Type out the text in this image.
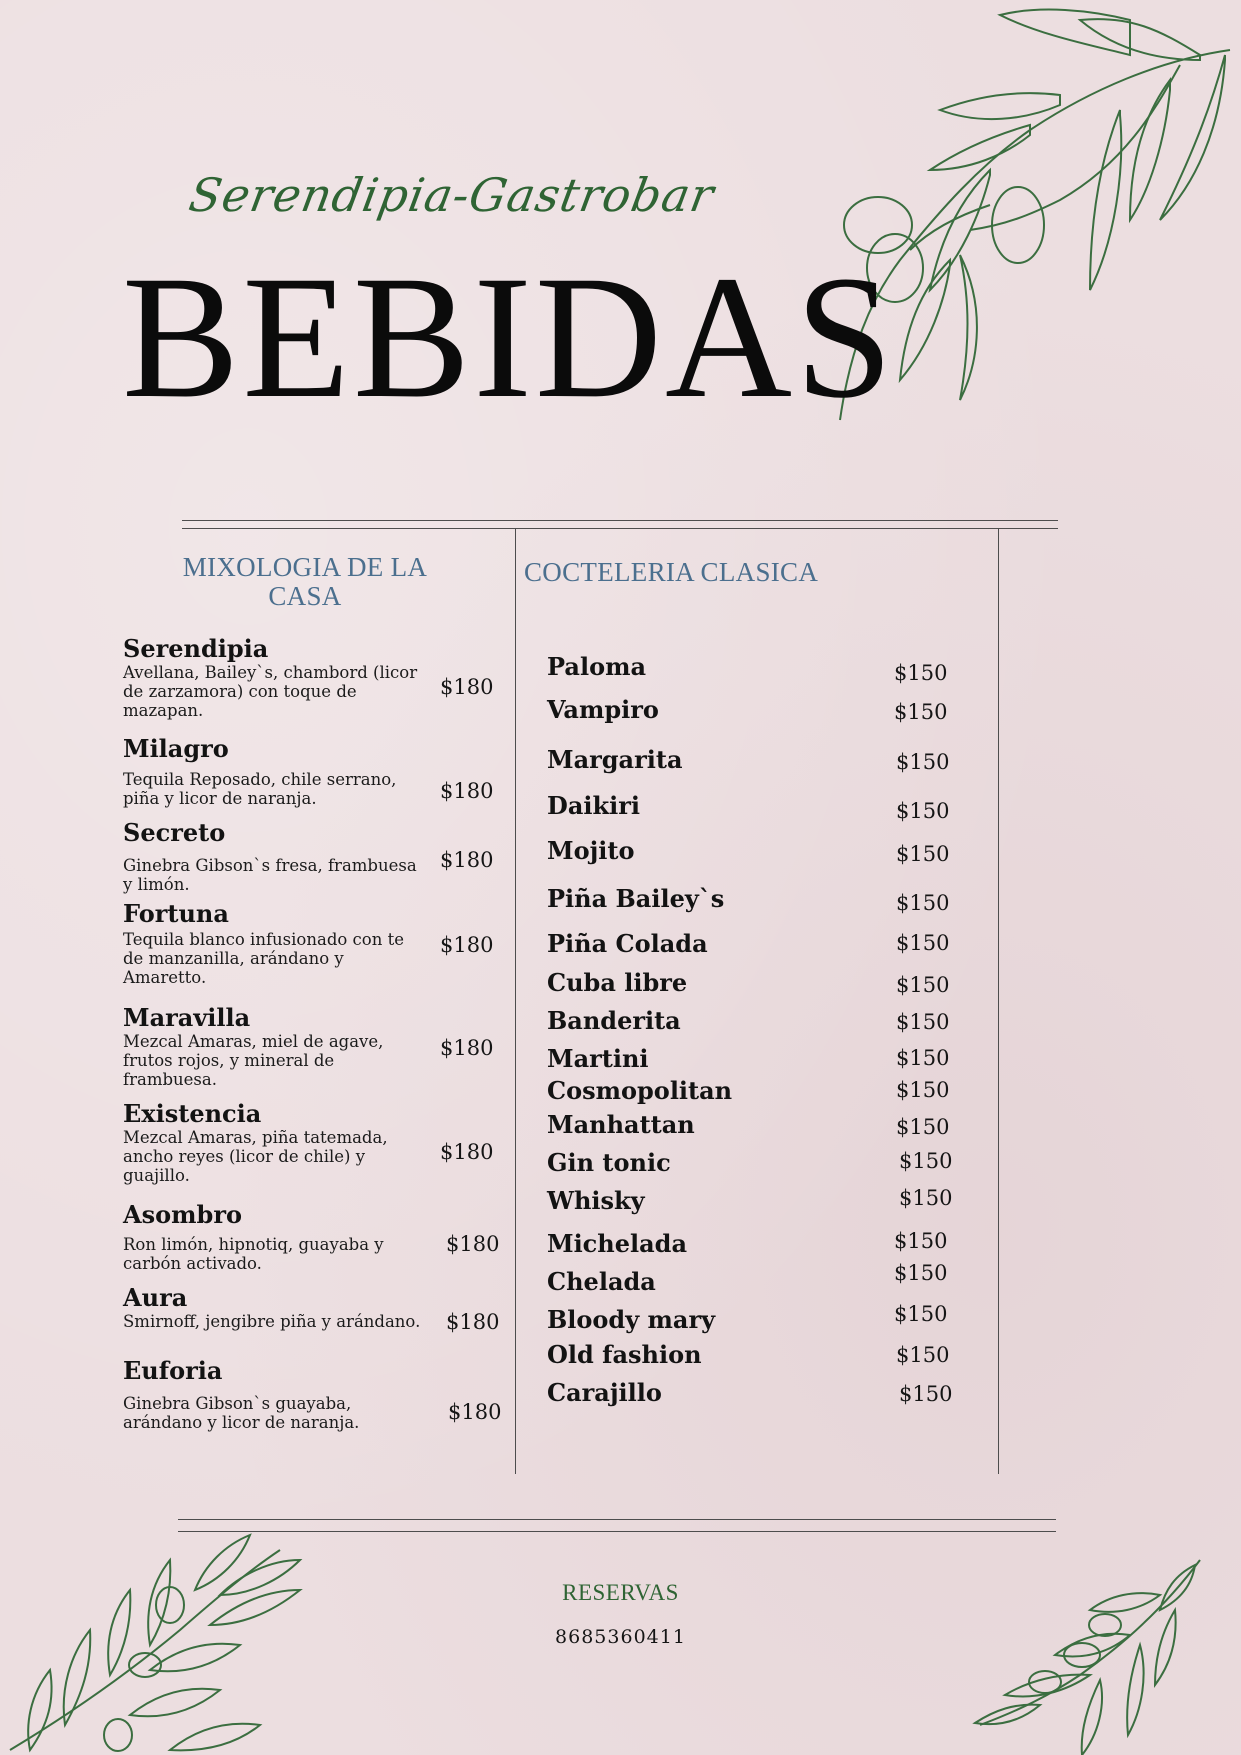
Serendipia-Gastrobar
BEBIDAS
MIXOLOGIA DE LA CASA
COCTELERIA CLASICA
Serendipia
Avellana, Bailey`s, chambord (licor de zarzamora) con toque de mazapan.
$180
Milagro
Tequila Reposado, chile serrano, piña y licor de naranja.	$180
Secreto
Ginebra Gibson`s fresa, frambuesa y limón.
$180
Fortuna
Tequila blanco infusionado con te de manzanilla, arándano y Amaretto.
$180
Maravilla
Mezcal Amaras, miel de agave, frutos rojos, y mineral de frambuesa.
$180
Existencia
Mezcal Amaras, piña tatemada, ancho reyes (licor de chile) y guajillo.
$180
Asombro
Ron limón, hipnotiq, guayaba y carbón activado.
$180
Aura
Smirnoff, jengibre piña y arándano.	$180
Euforia
Ginebra Gibson`s guayaba, arándano y licor de naranja.	$180
Paloma	$150
Vampiro	$150
Margarita	$150
Daikiri	$150
Mojito	$150
Piña Bailey`s	$150
Piña Colada	$150
Cuba libre	$150
Banderita	$150
Martini	$150
Cosmopolitan	$150
Manhattan	$150
Gin tonic	$150
Whisky	$150
Michelada	$150
Chelada	$150
Bloody mary	$150
Old fashion	$150
Carajillo	$150
RESERVAS
8685360411
